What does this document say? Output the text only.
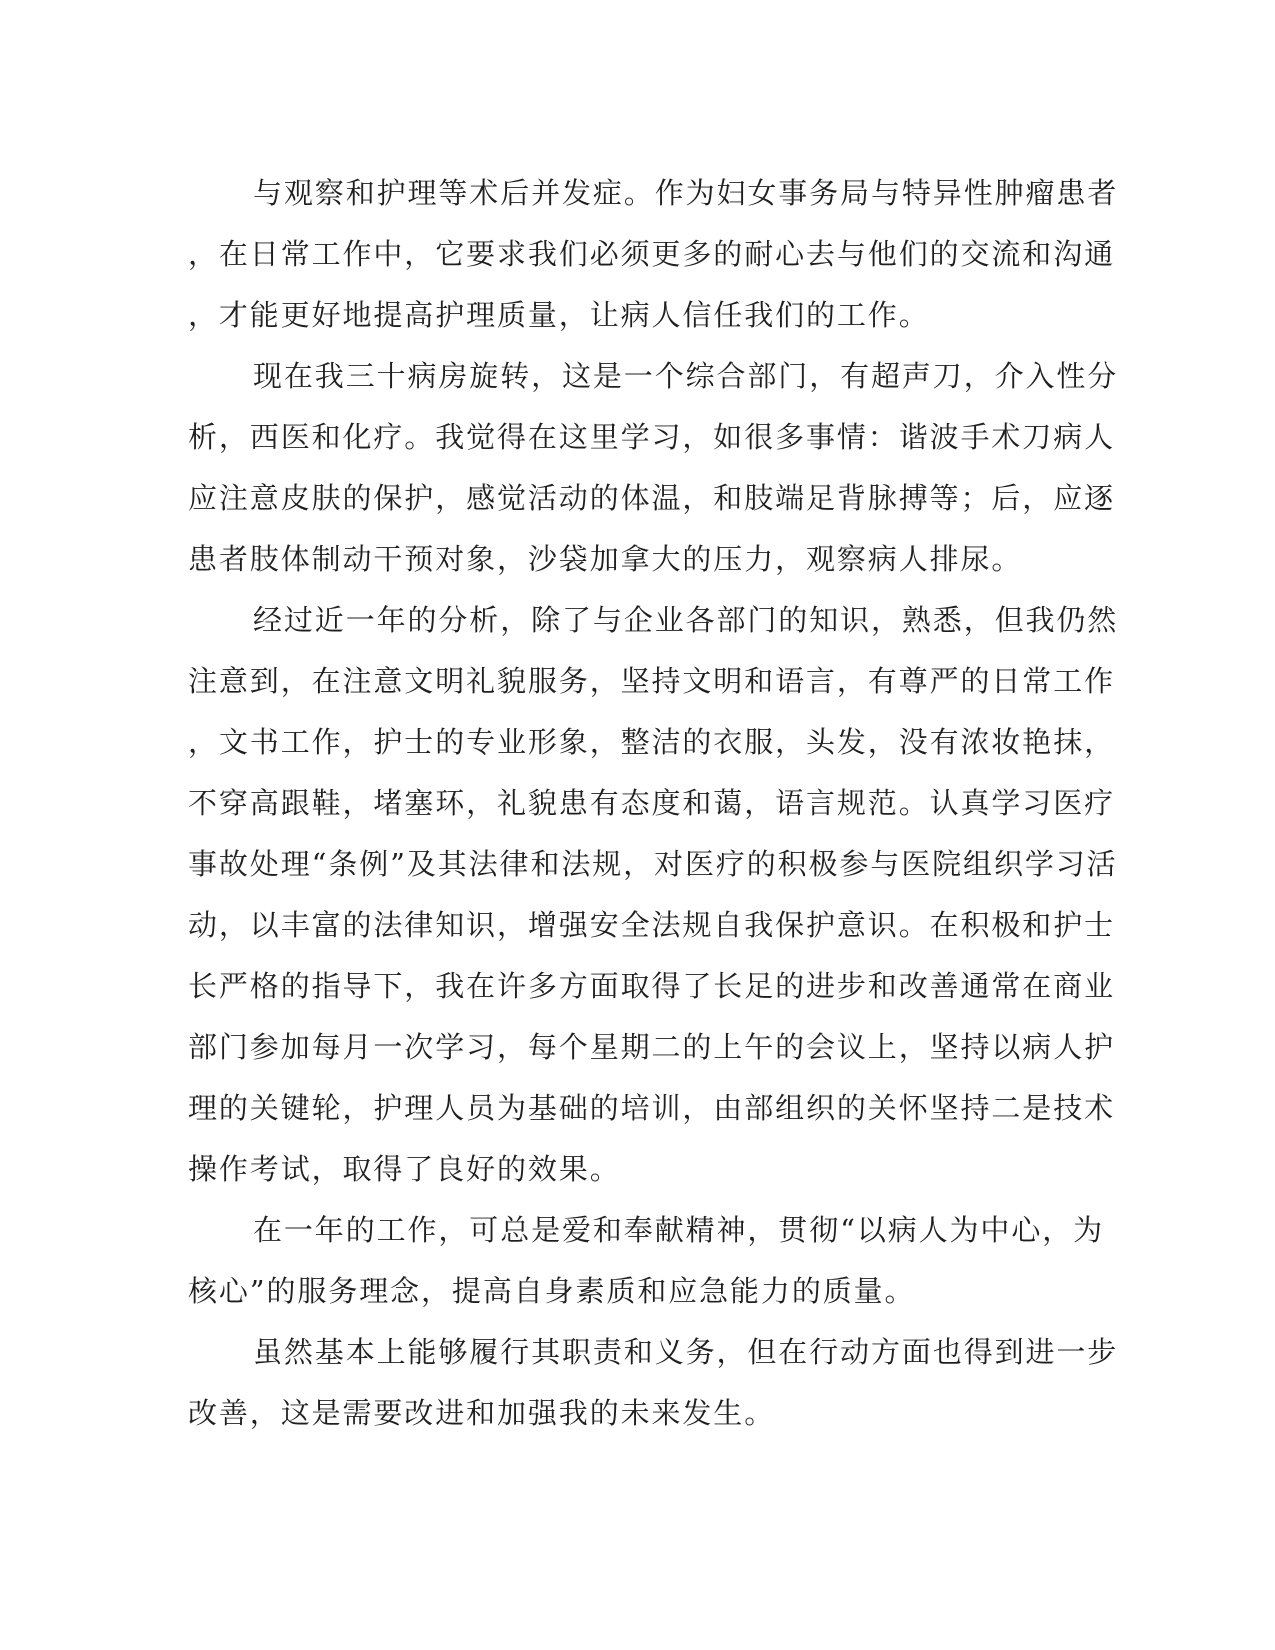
与观察和护理等术后并发症。作为妇女事务局与特异性肿瘤患者
，在日常工作中，它要求我们必须更多的耐心去与他们的交流和沟通
，才能更好地提高护理质量，让病人信任我们的工作。
现在我三十病房旋转，这是一个综合部门，有超声刀，介入性分
析，西医和化疗。我觉得在这里学习，如很多事情：谐波手术刀病人
应注意皮肤的保护，感觉活动的体温，和肢端足背脉搏等；后，应逐
患者肢体制动干预对象，沙袋加拿大的压力，观察病人排尿。
经过近一年的分析，除了与企业各部门的知识，熟悉，但我仍然
注意到，在注意文明礼貌服务，坚持文明和语言，有尊严的日常工作
，文书工作，护士的专业形象，整洁的衣服，头发，没有浓妆艳抹，
不穿高跟鞋，堵塞环，礼貌患有态度和蔼，语言规范。认真学习医疗
事故处理“条例”及其法律和法规，对医疗的积极参与医院组织学习活
动，以丰富的法律知识，增强安全法规自我保护意识。在积极和护士
长严格的指导下，我在许多方面取得了长足的进步和改善通常在商业
部门参加每月一次学习，每个星期二的上午的会议上，坚持以病人护
理的关键轮，护理人员为基础的培训，由部组织的关怀坚持二是技术
操作考试，取得了良好的效果。
在一年的工作，可总是爱和奉献精神，贯彻“以病人为中心，为
核心”的服务理念，提高自身素质和应急能力的质量。
虽然基本上能够履行其职责和义务，但在行动方面也得到进一步
改善，这是需要改进和加强我的未来发生。
